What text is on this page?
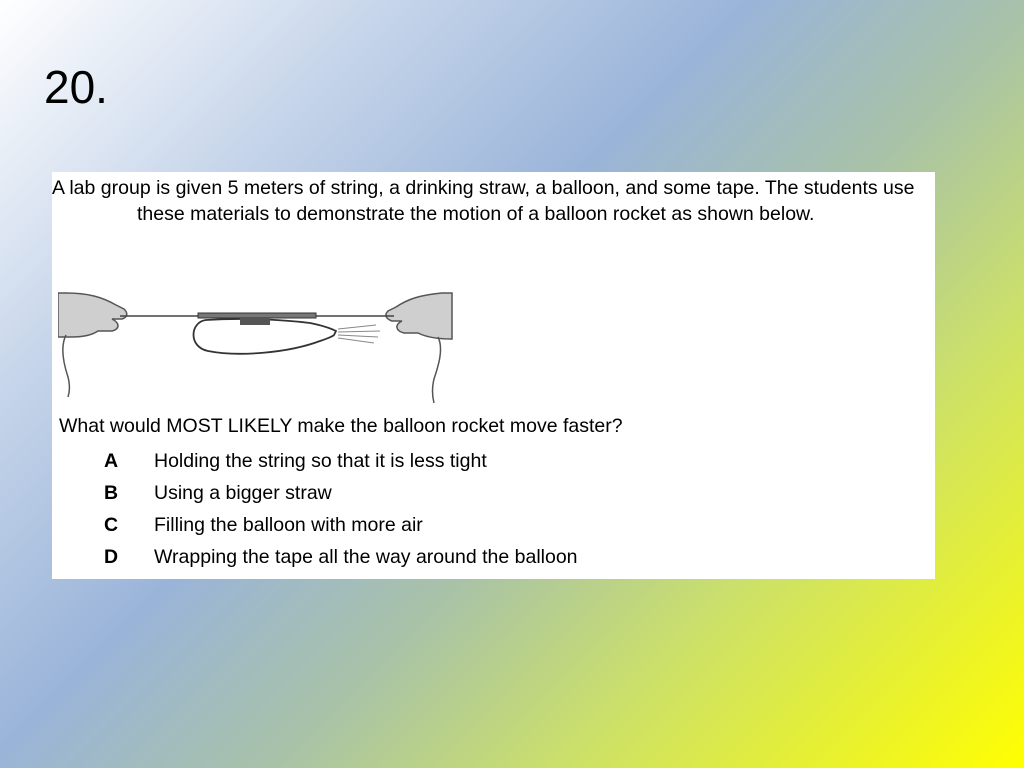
20.
A lab group is given 5 meters of string, a drinking straw, a balloon, and some tape. The students use these materials to demonstrate the motion of a balloon rocket as shown below.
What would MOST LIKELY make the balloon rocket move faster?
A Holding the string so that it is less tight
B Using a bigger straw
C Filling the balloon with more air
D Wrapping the tape all the way around the balloon
